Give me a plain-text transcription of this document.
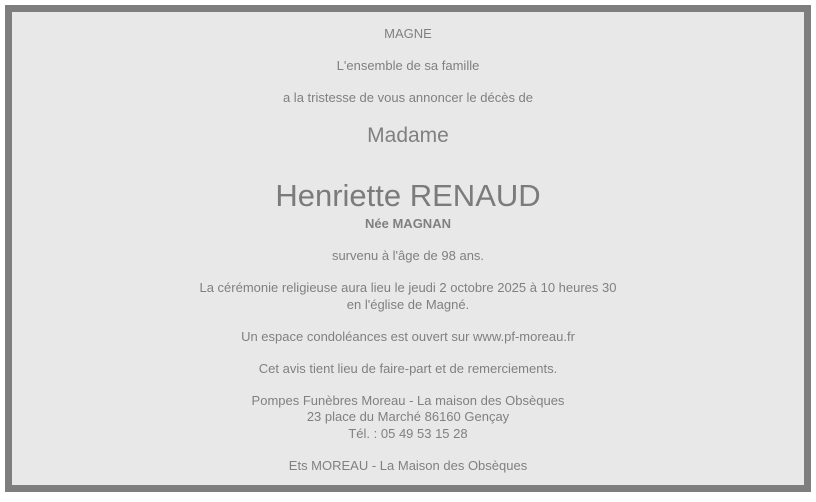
MAGNE

L'ensemble de sa famille

a la tristesse de vous annoncer le décès de

Madame

Henriette RENAUD

Née MAGNAN

survenu à l'âge de 98 ans.

La cérémonie religieuse aura lieu le jeudi 2 octobre 2025 à 10 heures 30
en l'église de Magné.

Un espace condoléances est ouvert sur www.pf-moreau.fr

Cet avis tient lieu de faire-part et de remerciements.

Pompes Funèbres Moreau - La maison des Obsèques
23 place du Marché 86160 Gençay
Tél. : 05 49 53 15 28

Ets MOREAU - La Maison des Obsèques
